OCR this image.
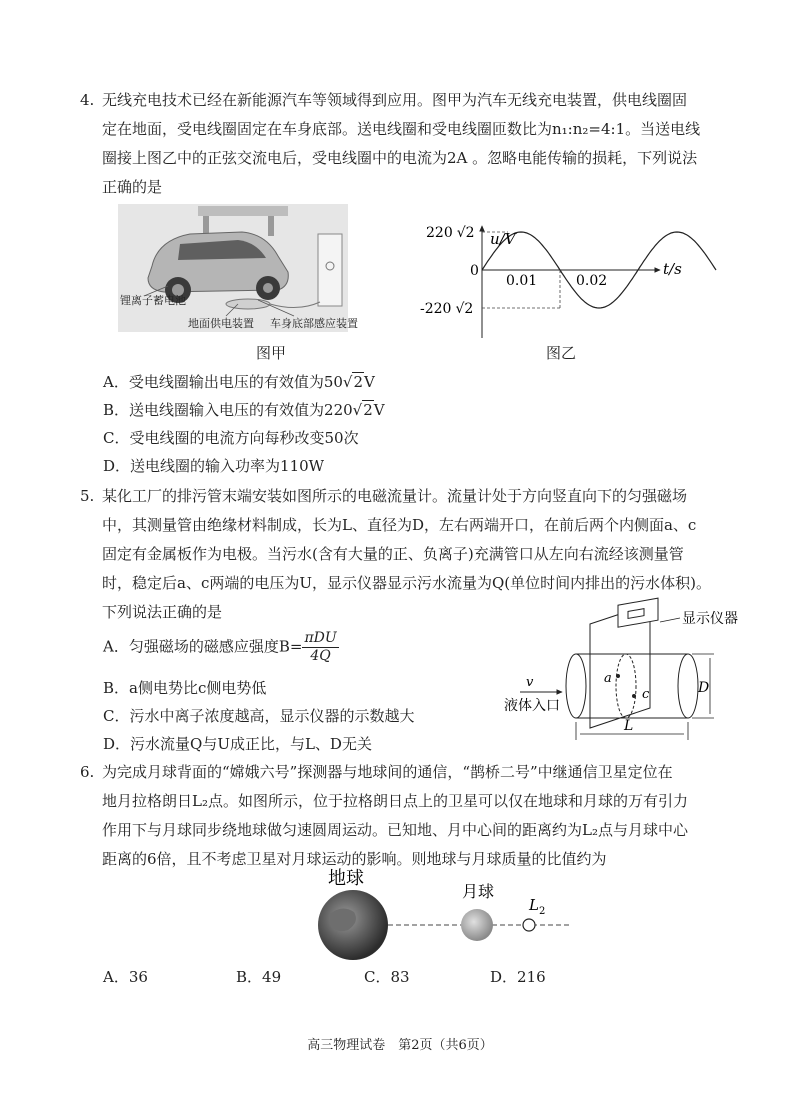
4. 无线充电技术已经在新能源汽车等领域得到应用。图甲为汽车无线充电装置，供电线圈固

定在地面，受电线圈固定在车身底部。送电线圈和受电线圈匝数比为n₁:n₂=4:1。当送电线

圈接上图乙中的正弦交流电后，受电线圈中的电流为2A 。忽略电能传输的损耗，下列说法

正确的是

锂离子蓄电池
地面供电装置 车身底部感应装置
u/V
t/s
220 √2
-220 √2
0
0.01	0.02
图甲	图乙
A．受电线圈输出电压的有效值为50√2V
B．送电线圈输入电压的有效值为220√2V
C．受电线圈的电流方向每秒改变50次
D．送电线圈的输入功率为110W

5. 某化工厂的排污管末端安装如图所示的电磁流量计。流量计处于方向竖直向下的匀强磁场

中，其测量管由绝缘材料制成，长为L、直径为D，左右两端开口，在前后两个内侧面a、c

固定有金属板作为电极。当污水(含有大量的正、负离子)充满管口从左向右流经该测量管

时，稳定后a、c两端的电压为U，显示仪器显示污水流量为Q(单位时间内排出的污水体积)。

下列说法正确的是

A．匀强磁场的磁感应强度$B= \frac{\text{πDU}}{4Q}$
B．a侧电势比c侧电势低
C．污水中离子浓度越高，显示仪器的示数越大
D．污水流量Q与U成正比，与L、D无关
显示仪器
a
c
v
液体入口
D
L

6. 为完成月球背面的“嫦娥六号”探测器与地球间的通信，“鹊桥二号”中继通信卫星定位在

地月拉格朗日L₂点。如图所示，位于拉格朗日点上的卫星可以仅在地球和月球的万有引力

作用下与月球同步绕地球做匀速圆周运动。已知地、月中心间的距离约为L₂点与月球中心

距离的6倍，且不考虑卫星对月球运动的影响。则地球与月球质量的比值约为

地球
月球
$L_2$
A．36	B．49	C．83	D．216
高三物理试卷　第2页（共6页）
